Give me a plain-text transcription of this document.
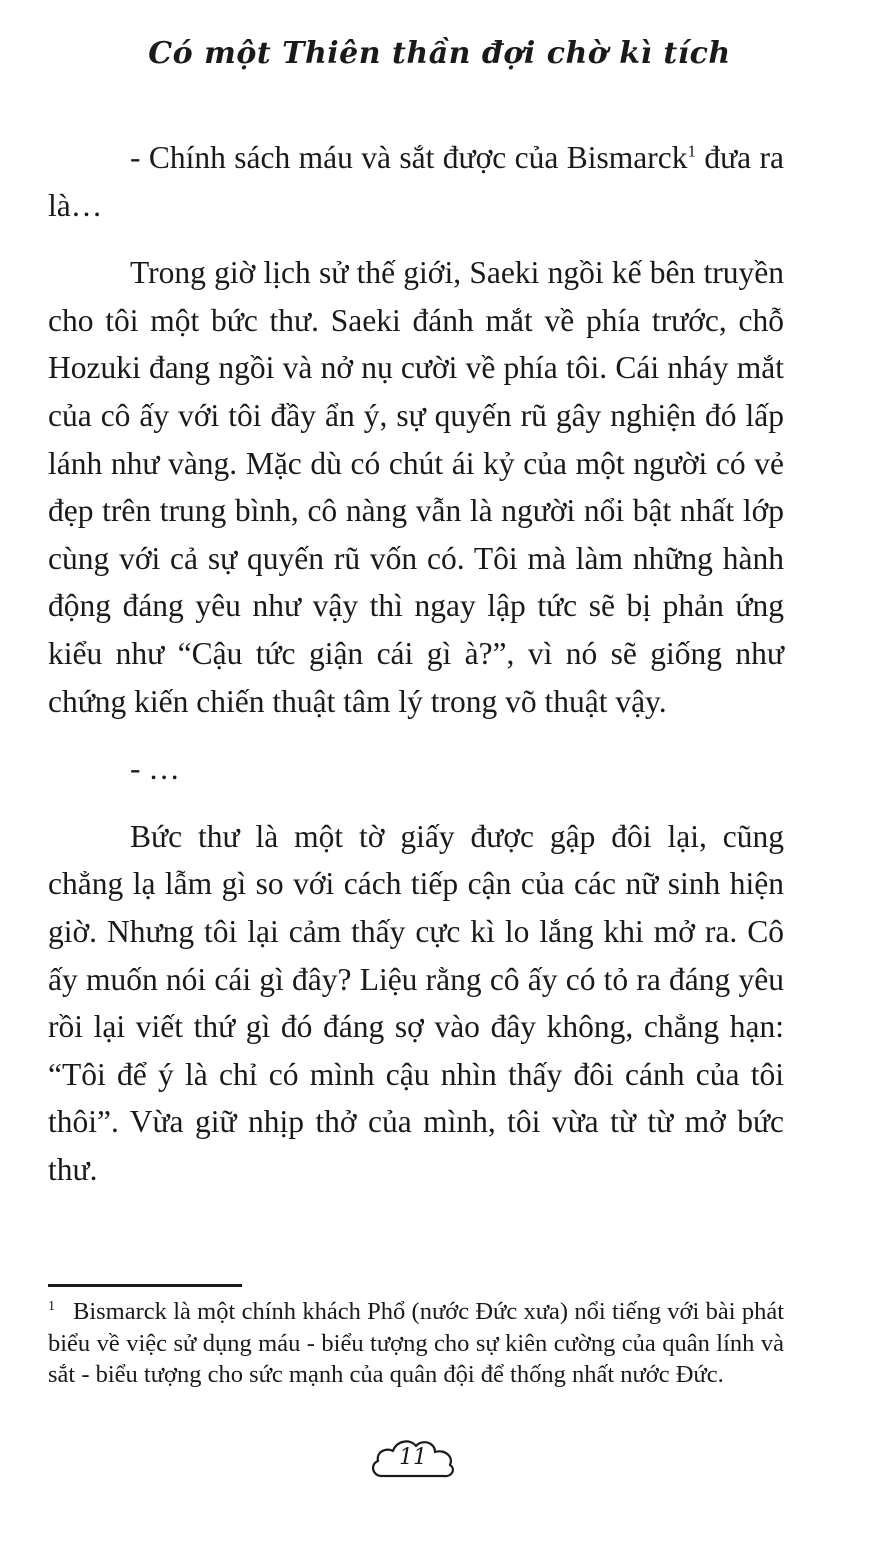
Có một Thiên thần đợi chờ kì tích

- Chính sách máu và sắt được của Bismarck$^1$ đưa ra là…

Trong giờ lịch sử thế giới, Saeki ngồi kế bên truyền cho tôi một bức thư. Saeki đánh mắt về phía trước, chỗ Hozuki đang ngồi và nở nụ cười về phía tôi. Cái nháy mắt của cô ấy với tôi đầy ẩn ý, sự quyến rũ gây nghiện đó lấp lánh như vàng. Mặc dù có chút ái kỷ của một người có vẻ đẹp trên trung bình, cô nàng vẫn là người nổi bật nhất lớp cùng với cả sự quyến rũ vốn có. Tôi mà làm những hành động đáng yêu như vậy thì ngay lập tức sẽ bị phản ứng kiểu như “Cậu tức giận cái gì à?”, vì nó sẽ giống như chứng kiến chiến thuật tâm lý trong võ thuật vậy.

- …

Bức thư là một tờ giấy được gập đôi lại, cũng chẳng lạ lẫm gì so với cách tiếp cận của các nữ sinh hiện giờ. Nhưng tôi lại cảm thấy cực kì lo lắng khi mở ra. Cô ấy muốn nói cái gì đây? Liệu rằng cô ấy có tỏ ra đáng yêu rồi lại viết thứ gì đó đáng sợ vào đây không, chẳng hạn: “Tôi để ý là chỉ có mình cậu nhìn thấy đôi cánh của tôi thôi”. Vừa giữ nhịp thở của mình, tôi vừa từ từ mở bức thư.

$^1$ Bismarck là một chính khách Phổ (nước Đức xưa) nổi tiếng với bài phát biểu về việc sử dụng máu - biểu tượng cho sự kiên cường của quân lính và sắt - biểu tượng cho sức mạnh của quân đội để thống nhất nước Đức.
11
